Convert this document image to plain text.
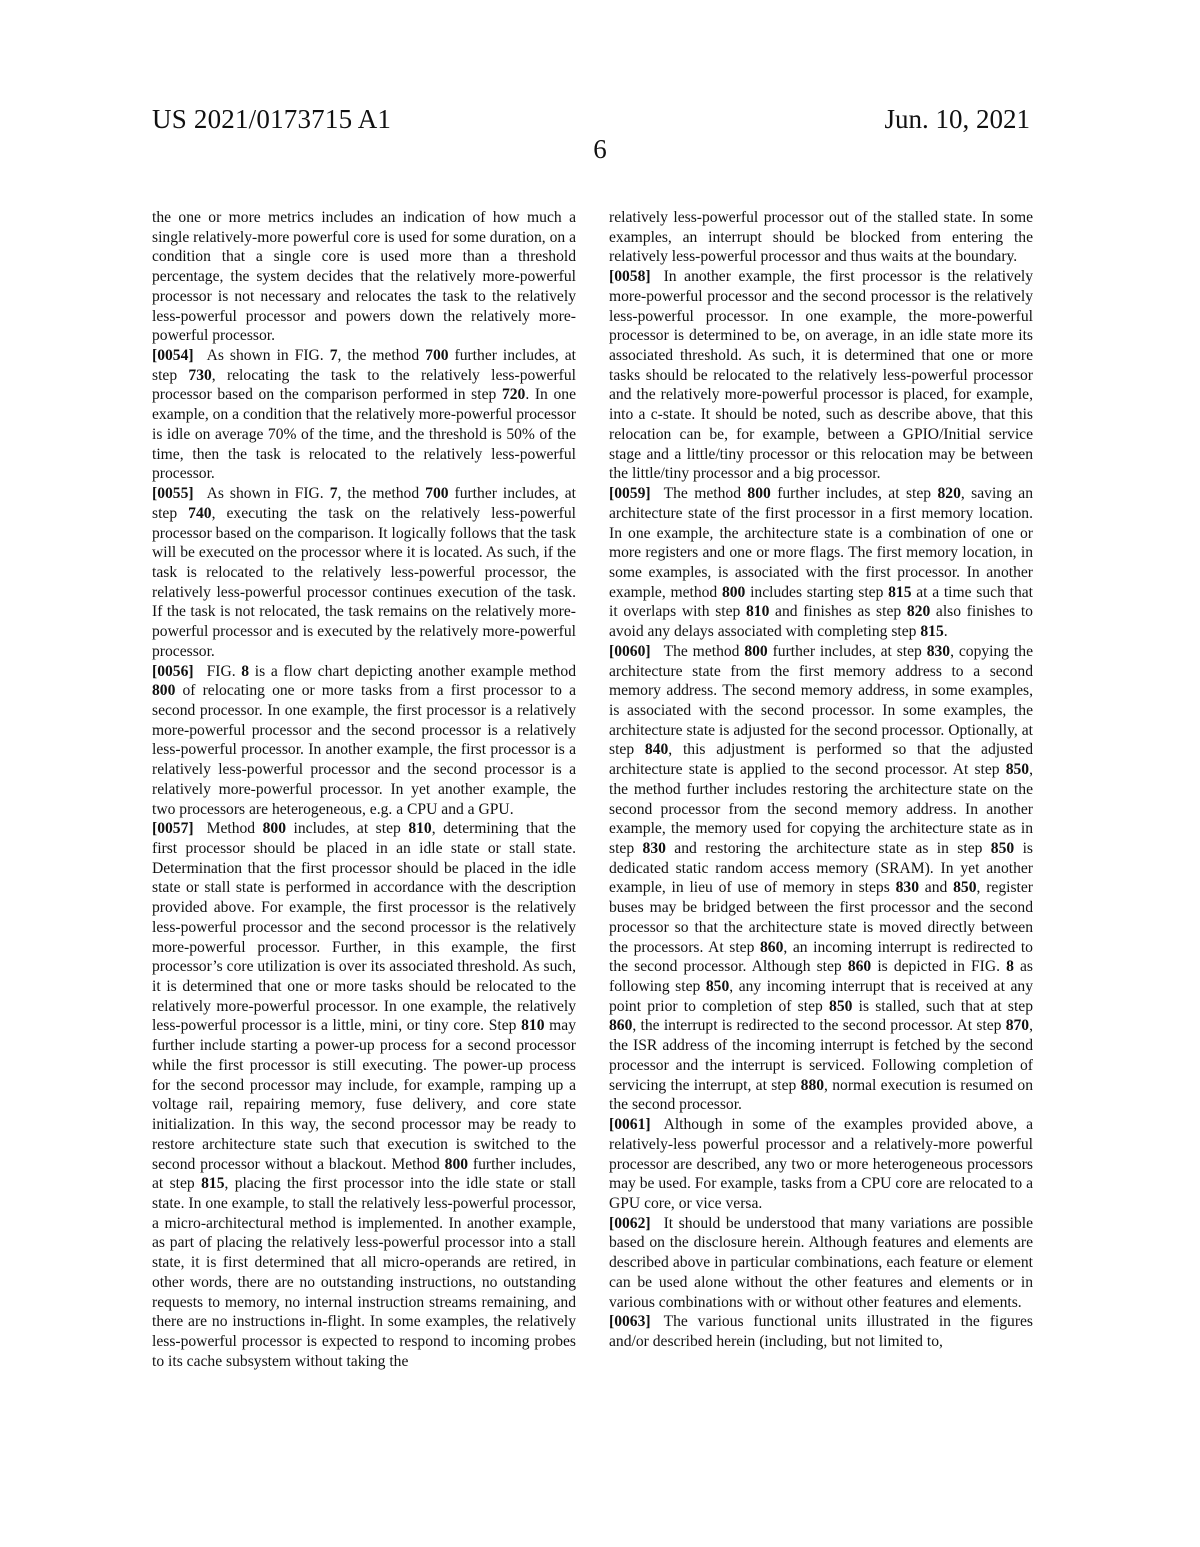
US 2021/0173715 A1	Jun. 10, 2021
6

the one or more metrics includes an indication of how much a single relatively-more powerful core is used for some duration, on a condition that a single core is used more than a threshold percentage, the system decides that the relatively more-powerful processor is not necessary and relocates the task to the relatively less-powerful processor and powers down the relatively more-powerful processor.

[0054] As shown in FIG. 7, the method 700 further includes, at step 730, relocating the task to the relatively less-powerful processor based on the comparison performed in step 720. In one example, on a condition that the relatively more-powerful processor is idle on average 70% of the time, and the threshold is 50% of the time, then the task is relocated to the relatively less-powerful processor.

[0055] As shown in FIG. 7, the method 700 further includes, at step 740, executing the task on the relatively less-powerful processor based on the comparison. It logically follows that the task will be executed on the processor where it is located. As such, if the task is relocated to the relatively less-powerful processor, the relatively less-powerful processor continues execution of the task. If the task is not relocated, the task remains on the relatively more-powerful processor and is executed by the relatively more-powerful processor.

[0056] FIG. 8 is a flow chart depicting another example method 800 of relocating one or more tasks from a first processor to a second processor. In one example, the first processor is a relatively more-powerful processor and the second processor is a relatively less-powerful processor. In another example, the first processor is a relatively less-powerful processor and the second processor is a relatively more-powerful processor. In yet another example, the two processors are heterogeneous, e.g. a CPU and a GPU.

[0057] Method 800 includes, at step 810, determining that the first processor should be placed in an idle state or stall state. Determination that the first processor should be placed in the idle state or stall state is performed in accordance with the description provided above. For example, the first processor is the relatively less-powerful processor and the second processor is the relatively more-powerful processor. Further, in this example, the first processor’s core utilization is over its associated threshold. As such, it is determined that one or more tasks should be relocated to the relatively more-powerful processor. In one example, the relatively less-powerful processor is a little, mini, or tiny core. Step 810 may further include starting a power-up process for a second processor while the first processor is still executing. The power-up process for the second processor may include, for example, ramping up a voltage rail, repairing memory, fuse delivery, and core state initialization. In this way, the second processor may be ready to restore architecture state such that execution is switched to the second processor without a blackout. Method 800 further includes, at step 815, placing the first processor into the idle state or stall state. In one example, to stall the relatively less-powerful processor, a micro-architectural method is implemented. In another example, as part of placing the relatively less-powerful processor into a stall state, it is first determined that all micro-operands are retired, in other words, there are no outstanding instructions, no outstanding requests to memory, no internal instruction streams remaining, and there are no instructions in-flight. In some examples, the relatively less-powerful processor is expected to respond to incoming probes to its cache subsystem without taking the

relatively less-powerful processor out of the stalled state. In some examples, an interrupt should be blocked from entering the relatively less-powerful processor and thus waits at the boundary.

[0058] In another example, the first processor is the relatively more-powerful processor and the second processor is the relatively less-powerful processor. In one example, the more-powerful processor is determined to be, on average, in an idle state more its associated threshold. As such, it is determined that one or more tasks should be relocated to the relatively less-powerful processor and the relatively more-powerful processor is placed, for example, into a c-state. It should be noted, such as describe above, that this relocation can be, for example, between a GPIO/Initial service stage and a little/tiny processor or this relocation may be between the little/tiny processor and a big processor.

[0059] The method 800 further includes, at step 820, saving an architecture state of the first processor in a first memory location. In one example, the architecture state is a combination of one or more registers and one or more flags. The first memory location, in some examples, is associated with the first processor. In another example, method 800 includes starting step 815 at a time such that it overlaps with step 810 and finishes as step 820 also finishes to avoid any delays associated with completing step 815.

[0060] The method 800 further includes, at step 830, copying the architecture state from the first memory address to a second memory address. The second memory address, in some examples, is associated with the second processor. In some examples, the architecture state is adjusted for the second processor. Optionally, at step 840, this adjustment is performed so that the adjusted architecture state is applied to the second processor. At step 850, the method further includes restoring the architecture state on the second processor from the second memory address. In another example, the memory used for copying the architecture state as in step 830 and restoring the architecture state as in step 850 is dedicated static random access memory (SRAM). In yet another example, in lieu of use of memory in steps 830 and 850, register buses may be bridged between the first processor and the second processor so that the architecture state is moved directly between the processors. At step 860, an incoming interrupt is redirected to the second processor. Although step 860 is depicted in FIG. 8 as following step 850, any incoming interrupt that is received at any point prior to completion of step 850 is stalled, such that at step 860, the interrupt is redirected to the second processor. At step 870, the ISR address of the incoming interrupt is fetched by the second processor and the interrupt is serviced. Following completion of servicing the interrupt, at step 880, normal execution is resumed on the second processor.

[0061] Although in some of the examples provided above, a relatively-less powerful processor and a relatively-more powerful processor are described, any two or more heterogeneous processors may be used. For example, tasks from a CPU core are relocated to a GPU core, or vice versa.

[0062] It should be understood that many variations are possible based on the disclosure herein. Although features and elements are described above in particular combinations, each feature or element can be used alone without the other features and elements or in various combinations with or without other features and elements.

[0063] The various functional units illustrated in the figures and/or described herein (including, but not limited to,
